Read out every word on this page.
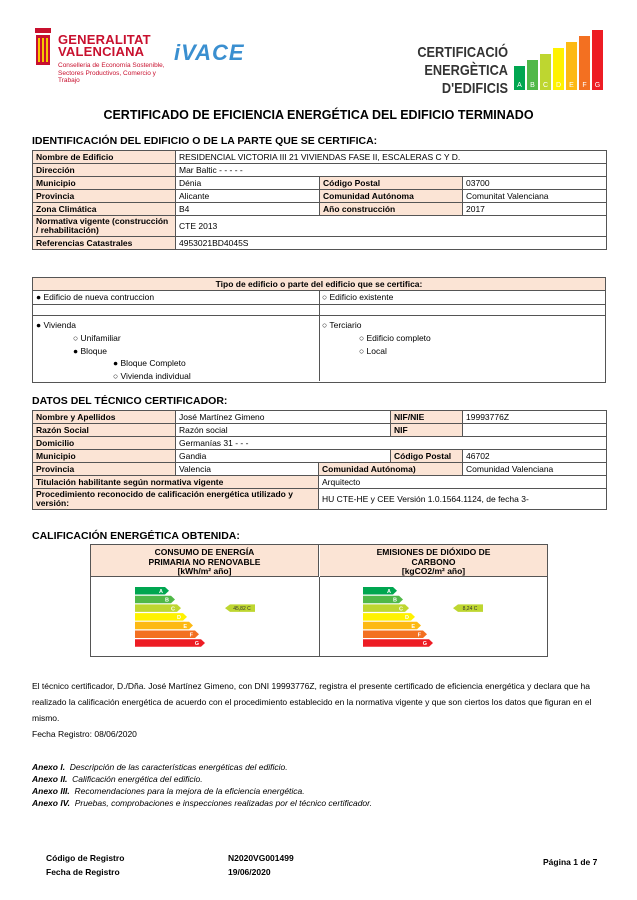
GENERALITAT
VALENCIANA
Conselleria de Economía Sostenible, Sectores Productivos, Comercio y Trabajo
iVACE	CERTIFICACIÓ
ENERGÈTICA D'EDIFICIS A B C D E F G
CERTIFICADO DE EFICIENCIA ENERGÉTICA DEL EDIFICIO TERMINADO
IDENTIFICACIÓN DEL EDIFICIO O DE LA PARTE QUE SE CERTIFICA:
Nombre de Edificio	RESIDENCIAL VICTORIA III 21 VIVIENDAS FASE II, ESCALERAS C Y D.		
Dirección	Mar Baltic - - - - -		
Municipio	Dénia	Código Postal	03700
Provincia	Alicante	Comunidad Autónoma	Comunitat Valenciana
Zona Climática	B4	Año construcción	2017
Normativa vigente (construcción / rehabilitación)	CTE 2013		
Referencias Catastrales	4953021BD4045S		
Tipo de edificio o parte del edificio que se certifica:
● Edificio de nueva contruccion	○ Edificio existente
● Vivienda
○ Unifamiliar
● Bloque
● Bloque Completo
○ Vivienda individual
○ Terciario
○ Edificio completo
○ Local
DATOS DEL TÉCNICO CERTIFICADOR:
Nombre y Apellidos	José Martínez Gimeno		NIF/NIE	19993776Z
Razón Social	Razón social		NIF	
Domicilio	Germanías 31 - - -			
Municipio	Gandia		Código Postal	46702
Provincia	Valencia	Comunidad Autónoma)		Comunidad Valenciana
Titulación habilitante según normativa vigente		Arquitecto		
Procedimiento reconocido de calificación energética utilizado y versión:		HU CTE-HE y CEE Versión 1.0.1564.1124, de fecha 3-		
CALIFICACIÓN ENERGÉTICA OBTENIDA:
CONSUMO DE ENERGÍA
PRIMARIA NO RENOVABLE
[kWh/m² año]
EMISIONES DE DIÓXIDO DE
CARBONO
[kgCO2/m² año]
A
B
C
D
E
F
G
45,82 C
A
B
C
D
E
F
G
8,24 C
El técnico certificador, D./Dña. José Martínez Gimeno, con DNI 19993776Z, registra el presente certificado de eficiencia energética y declara que ha realizado la calificación energética de acuerdo con el procedimiento establecido en la normativa vigente y que son ciertos los datos que figuran en el mismo.
Fecha Registro: 08/06/2020
Anexo I. Descripción de las características energéticas del edificio.
Anexo II. Calificación energética del edificio.
Anexo III. Recomendaciones para la mejora de la eficiencia energética.
Anexo IV. Pruebas, comprobaciones e inspecciones realizadas por el técnico certificador.
Código de Registro	N2020VG001499
Fecha de Registro	19/06/2020
Página 1 de 7
